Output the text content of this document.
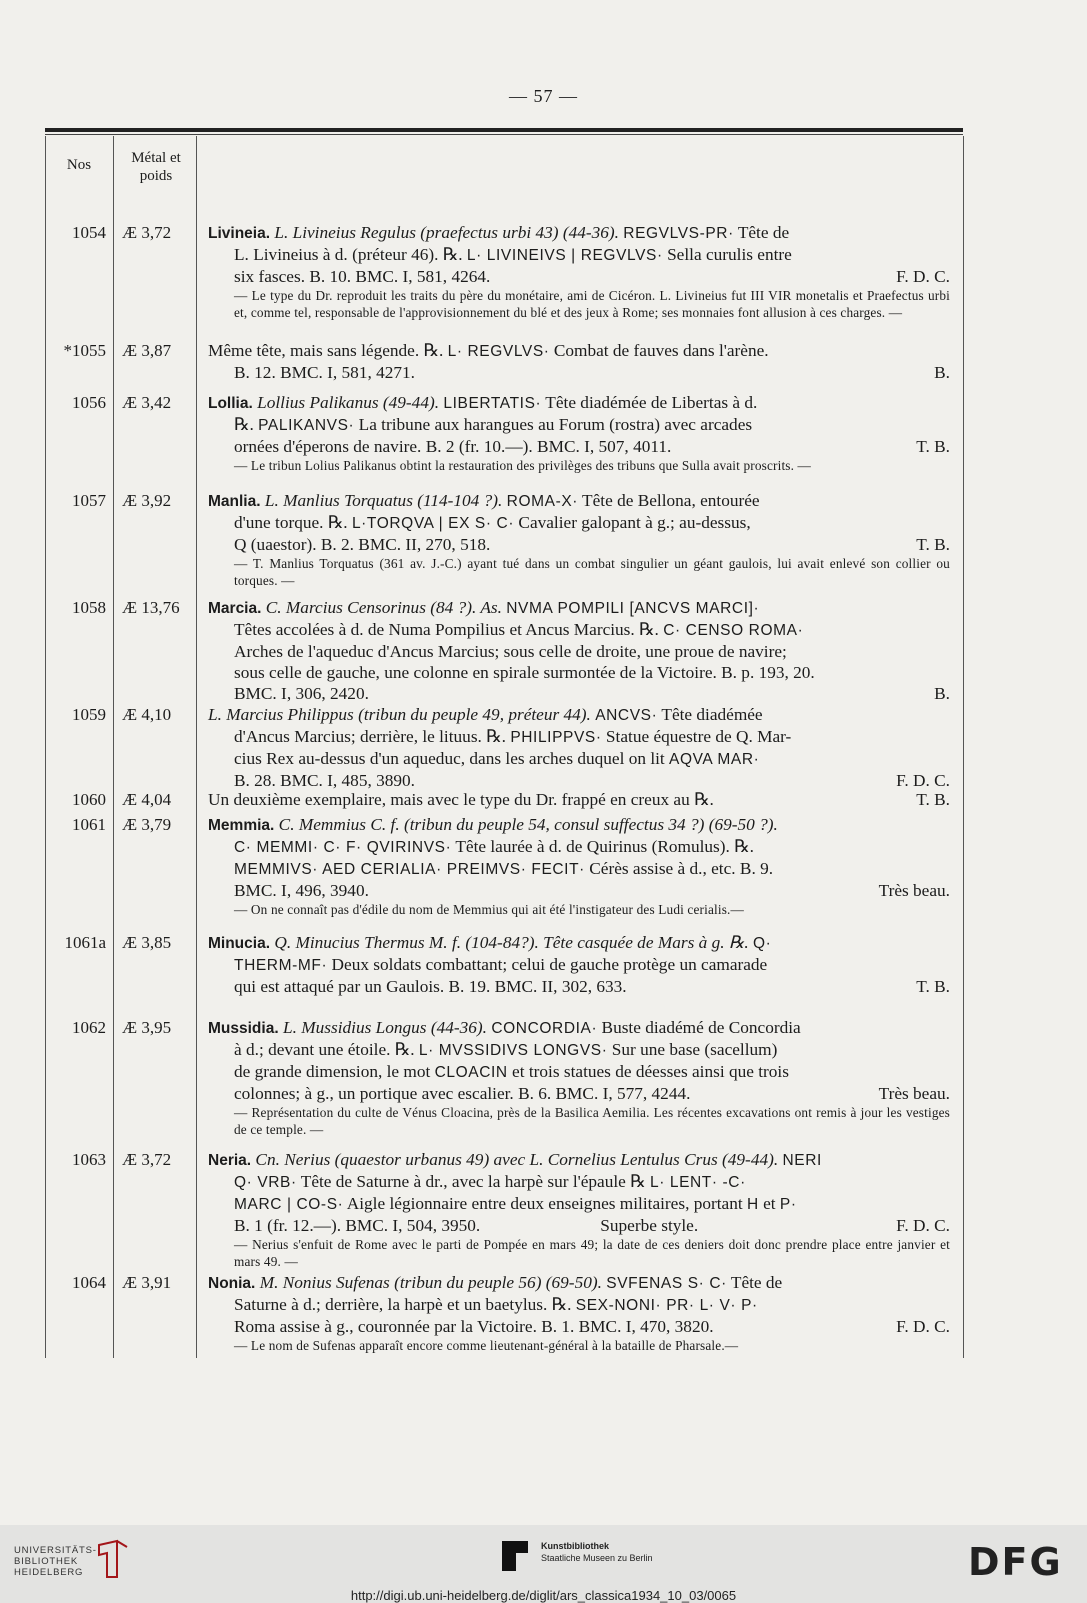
— 57 —
Nos	Métal et
poids
1054 Æ 3,72	Livineia. L. Livineius Regulus (praefectus urbi 43) (44-36). REGVLVS-PR· Tête de
L. Livineius à d. (préteur 46). ℞. L· LIVINEIVS | REGVLVS· Sella curulis entre
six fasces. B. 10. BMC. I, 581, 4264.	F. D. C.
— Le type du Dr. reproduit les traits du père du monétaire, ami de Cicéron. L. Livineius fut III VIR monetalis et Praefectus urbi et, comme tel, responsable de l'approvisionnement du blé et des jeux à Rome; ses monnaies font allusion à ces charges. —
*1055 Æ 3,87	Même tête, mais sans légende. ℞. L· REGVLVS· Combat de fauves dans l'arène.
B. 12. BMC. I, 581, 4271.	B.
1056 Æ 3,42	Lollia. Lollius Palikanus (49-44). LIBERTATIS· Tête diadémée de Libertas à d.
℞. PALIKANVS· La tribune aux harangues au Forum (rostra) avec arcades
ornées d'éperons de navire. B. 2 (fr. 10.—). BMC. I, 507, 4011.	T. B.
— Le tribun Lolius Palikanus obtint la restauration des privilèges des tribuns que Sulla avait proscrits. —
1057 Æ 3,92	Manlia. L. Manlius Torquatus (114-104 ?). ROMA-X· Tête de Bellona, entourée
d'une torque. ℞. L·TORQVA | EX S· C· Cavalier galopant à g.; au-dessus,
Q (uaestor). B. 2. BMC. II, 270, 518.	T. B.
— T. Manlius Torquatus (361 av. J.-C.) ayant tué dans un combat singulier un géant gaulois, lui avait enlevé son collier ou torques. —
1058 Æ 13,76	Marcia. C. Marcius Censorinus (84 ?). As. NVMA POMPILI [ANCVS MARCI]·
Têtes accolées à d. de Numa Pompilius et Ancus Marcius. ℞. C· CENSO ROMA·
Arches de l'aqueduc d'Ancus Marcius; sous celle de droite, une proue de navire;
sous celle de gauche, une colonne en spirale surmontée de la Victoire. B. p. 193, 20.
BMC. I, 306, 2420.	B.
1059 Æ 4,10	L. Marcius Philippus (tribun du peuple 49, préteur 44). ANCVS· Tête diadémée
d'Ancus Marcius; derrière, le lituus. ℞. PHILIPPVS· Statue équestre de Q. Mar-
cius Rex au-dessus d'un aqueduc, dans les arches duquel on lit AQVA MAR·
B. 28. BMC. I, 485, 3890.	F. D. C.
1060 Æ 4,04	Un deuxième exemplaire, mais avec le type du Dr. frappé en creux au ℞.	T. B.
1061 Æ 3,79	Memmia. C. Memmius C. f. (tribun du peuple 54, consul suffectus 34 ?) (69-50 ?).
C· MEMMI· C· F· QVIRINVS· Tête laurée à d. de Quirinus (Romulus). ℞.
MEMMIVS· AED CERIALIA· PREIMVS· FECIT· Cérès assise à d., etc. B. 9.
BMC. I, 496, 3940.	Très beau.
— On ne connaît pas d'édile du nom de Memmius qui ait été l'instigateur des Ludi cerialis.—
1061a Æ 3,85	Minucia. Q. Minucius Thermus M. f. (104-84?). Tête casquée de Mars à g. ℞. Q·
THERM-MF· Deux soldats combattant; celui de gauche protège un camarade
qui est attaqué par un Gaulois. B. 19. BMC. II, 302, 633.	T. B.
1062 Æ 3,95	Mussidia. L. Mussidius Longus (44-36). CONCORDIA· Buste diadémé de Concordia
à d.; devant une étoile. ℞. L· MVSSIDIVS LONGVS· Sur une base (sacellum)
de grande dimension, le mot CLOACIN et trois statues de déesses ainsi que trois
colonnes; à g., un portique avec escalier. B. 6. BMC. I, 577, 4244.	Très beau.
— Représentation du culte de Vénus Cloacina, près de la Basilica Aemilia. Les récentes excavations ont remis à jour les vestiges de ce temple. —
1063 Æ 3,72	Neria. Cn. Nerius (quaestor urbanus 49) avec L. Cornelius Lentulus Crus (49-44). NERI
Q· VRB· Tête de Saturne à dr., avec la harpè sur l'épaule ℞ L· LENT· -C·
MARC | CO-S· Aigle légionnaire entre deux enseignes militaires, portant H et P·
B. 1 (fr. 12.—). BMC. I, 504, 3950.	Superbe style.	F. D. C.
— Nerius s'enfuit de Rome avec le parti de Pompée en mars 49; la date de ces deniers doit donc prendre place entre janvier et mars 49. —
1064 Æ 3,91	Nonia. M. Nonius Sufenas (tribun du peuple 56) (69-50). SVFENAS S· C· Tête de
Saturne à d.; derrière, la harpè et un baetylus. ℞. SEX-NONI· PR· L· V· P·
Roma assise à g., couronnée par la Victoire. B. 1. BMC. I, 470, 3820.	F. D. C.
— Le nom de Sufenas apparaît encore comme lieutenant-général à la bataille de Pharsale.—
UNIVERSITÄTS-
BIBLIOTHEK
HEIDELBERG
Kunstbibliothek
Staatliche Museen zu Berlin	DFG
http://digi.ub.uni-heidelberg.de/diglit/ars_classica1934_10_03/0065
